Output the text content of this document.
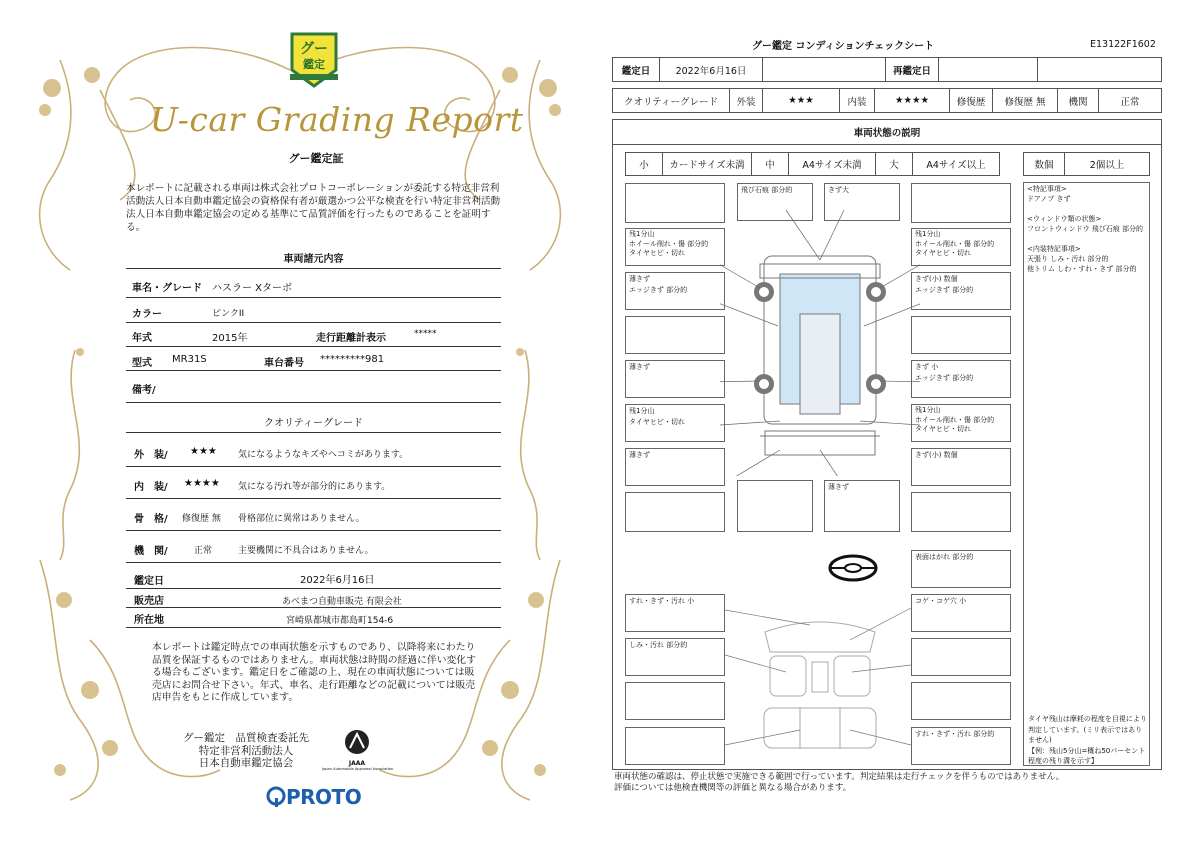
グー
鑑定
U-car Grading Report
グー鑑定証
本レポートに記載される車両は株式会社プロトコーポレーションが委託する特定非営利活動法人日本自動車鑑定協会の資格保有者が厳選かつ公平な検査を行い特定非営利活動法人日本自動車鑑定協会の定める基準にて品質評価を行ったものであることを証明する。
車両諸元内容
車名・グレード ハスラー Xターボ
カラー	ピンクII
年式	2015年	走行距離計表示	*****
型式 MR31S	車台番号 *********981
備考/
クオリティーグレード
外　装/ ★★★ 気になるようなキズやヘコミがあります。
内　装/ ★★★★ 気になる汚れ等が部分的にあります。
骨　格/ 修復歴 無 骨格部位に異常はありません。
機　関/	正常	主要機関に不具合はありません。
鑑定日	2022年6月16日
販売店	あべまつ自動車販売 有限会社
所在地	宮崎県都城市都島町154-6
本レポートは鑑定時点での車両状態を示すものであり、以降将来にわたり品質を保証するものではありません。車両状態は時間の経過に伴い変化する場合もございます。鑑定日をご確認の上、現在の車両状態については販売店にお問合せ下さい。年式、車名、走行距離などの記載については販売店申告をもとに作成しています。
グー鑑定　品質検査委託先
特定非営利活動法人
日本自動車鑑定協会	JAAA
Japan Automobile Appraisal Association
PROTO
グー鑑定 コンディションチェックシート	E13122F1602
鑑定日	2022年6月16日	再鑑定日
クオリティーグレード	外装	★★★	内装	★★★★	修復歴	修復歴 無	機関	正常
車両状態の説明
小	カードサイズ未満	中	A4サイズ未満	大	A4サイズ以上	数個	2個以上
<特記事項>
ドアノブ きず

<ウィンドウ類の状態>
フロントウィンドウ 飛び石痕 部分的

<内装特記事項>
天張り しみ・汚れ 部分的
他トリム しわ・すれ・きず 部分的
タイヤ残山は摩耗の程度を目視により判定しています。(ミリ表示ではありません)
【例：残山5分山=概ね50パーセント程度の残り溝を示す】
飛び石痕 部分的	きず大
残1分山
ホイール削れ・傷 部分的
タイヤヒビ・切れ
残1分山
ホイール削れ・傷 部分的
タイヤヒビ・切れ
薄きず
エッジきず 部分的
きず(小) 数個
エッジきず 部分的
薄きず	きず 小
エッジきず 部分的
残1分山
タイヤヒビ・切れ
残1分山
ホイール削れ・傷 部分的
タイヤヒビ・切れ
薄きず	きず(小) 数個
薄きず
表面はがれ 部分的
すれ・きず・汚れ 小	コゲ・コゲ穴 小
しみ・汚れ 部分的
すれ・きず・汚れ 部分的
車両状態の確認は、停止状態で実施できる範囲で行っています。判定結果は走行チェックを伴うものではありません。
評価については他検査機関等の評価と異なる場合があります。
